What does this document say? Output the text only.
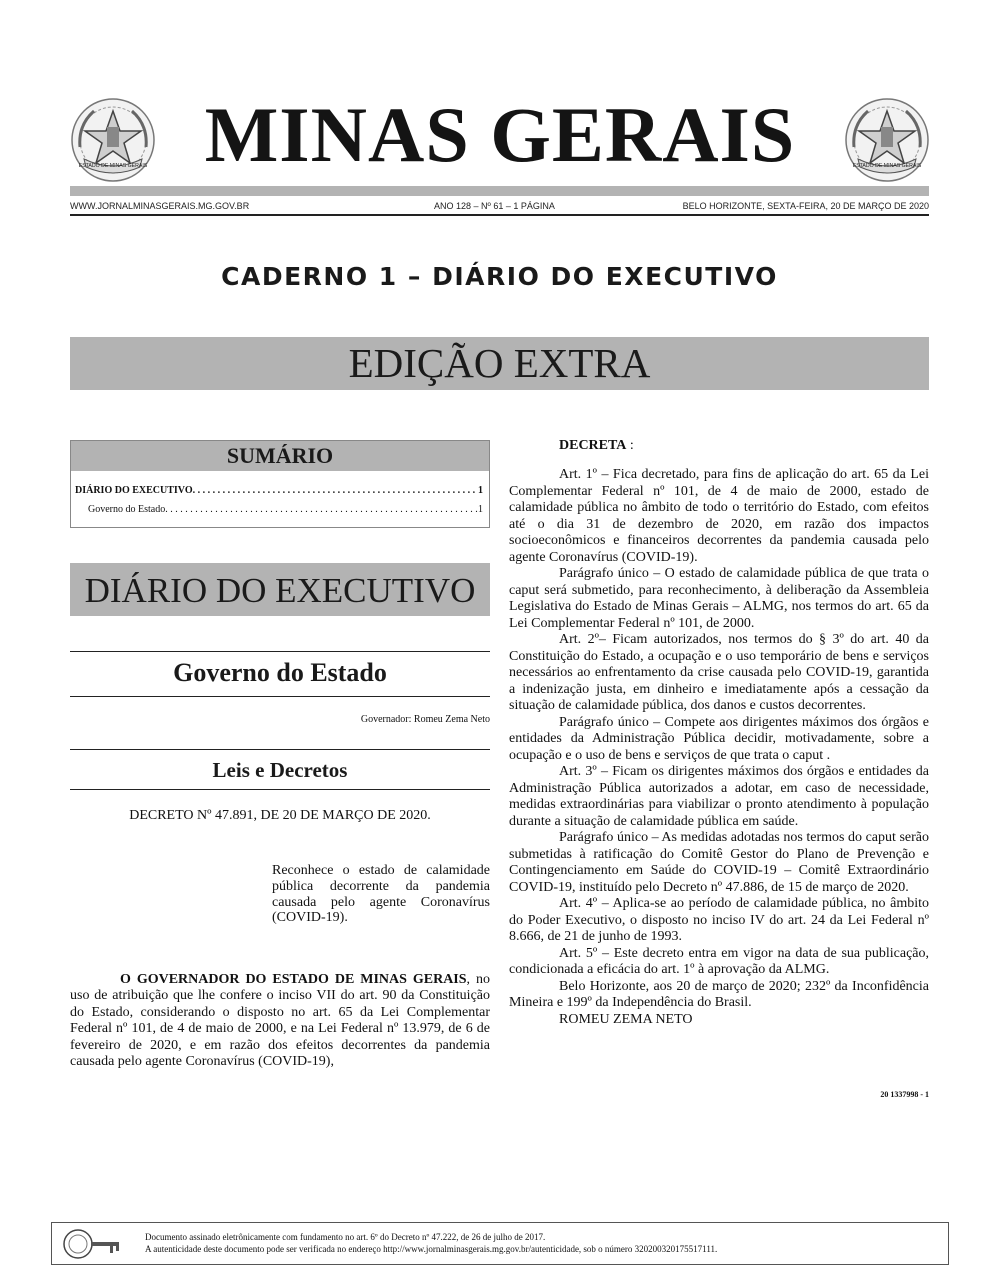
ESTADO DE MINAS GERAIS	ESTADO DE MINAS GERAIS
MINAS GERAIS
WWW.JORNALMINASGERAIS.MG.GOV.BR	ANO 128 – Nº 61 – 1 PÁGINA	BELO HORIZONTE, SEXTA-FEIRA, 20 DE MARÇO DE 2020
CADERNO 1 – DIÁRIO DO EXECUTIVO
EDIÇÃO EXTRA
SUMÁRIO
DIÁRIO DO EXECUTIVO . . .	1
Governo do Estado . . .	1
DIÁRIO DO EXECUTIVO
Governo do Estado
Governador: Romeu Zema Neto
Leis e Decretos
DECRETO Nº 47.891, DE 20 DE MARÇO DE 2020.
Reconhece o estado de calamidade pública decorrente da pandemia causada pelo agente Coronavírus (COVID-19).
O GOVERNADOR DO ESTADO DE MINAS GERAIS, no uso de atribuição que lhe confere o inciso VII do art. 90 da Constituição do Estado, considerando o disposto no art. 65 da Lei Complementar Federal nº 101, de 4 de maio de 2000, e na Lei Federal nº 13.979, de 6 de fevereiro de 2020, e em razão dos efeitos decorrentes da pandemia causada pelo agente Coronavírus (COVID-19),
DECRETA :

Art. 1º – Fica decretado, para fins de aplicação do art. 65 da Lei Complementar Federal nº 101, de 4 de maio de 2000, estado de calamidade pública no âmbito de todo o território do Estado, com efeitos até o dia 31 de dezembro de 2020, em razão dos impactos socioeconômicos e financeiros decorrentes da pandemia causada pelo agente Coronavírus (COVID-19).

Parágrafo único – O estado de calamidade pública de que trata o caput será submetido, para reconhecimento, à deliberação da Assembleia Legislativa do Estado de Minas Gerais – ALMG, nos termos do art. 65 da Lei Complementar Federal nº 101, de 2000.

Art. 2º– Ficam autorizados, nos termos do § 3º do art. 40 da Constituição do Estado, a ocupação e o uso temporário de bens e serviços necessários ao enfrentamento da crise causada pelo COVID-19, garantida a indenização justa, em dinheiro e imediatamente após a cessação da situação de calamidade pública, dos danos e custos decorrentes.

Parágrafo único – Compete aos dirigentes máximos dos órgãos e entidades da Administração Pública decidir, motivadamente, sobre a ocupação e o uso de bens e serviços de que trata o caput .

Art. 3º – Ficam os dirigentes máximos dos órgãos e entidades da Administração Pública autorizados a adotar, em caso de necessidade, medidas extraordinárias para viabilizar o pronto atendimento à população durante a situação de calamidade pública em saúde.

Parágrafo único – As medidas adotadas nos termos do caput serão submetidas à ratificação do Comitê Gestor do Plano de Prevenção e Contingenciamento em Saúde do COVID-19 – Comitê Extraordinário COVID-19, instituído pelo Decreto nº 47.886, de 15 de março de 2020.

Art. 4º – Aplica-se ao período de calamidade pública, no âmbito do Poder Executivo, o disposto no inciso IV do art. 24 da Lei Federal nº 8.666, de 21 de junho de 1993.

Art. 5º – Este decreto entra em vigor na data de sua publicação, condicionada a eficácia do art. 1º à aprovação da ALMG.

Belo Horizonte, aos 20 de março de 2020; 232º da Inconfidência Mineira e 199º da Independência do Brasil.

ROMEU ZEMA NETO
20 1337998 - 1
Documento assinado eletrônicamente com fundamento no art. 6º do Decreto nº 47.222, de 26 de julho de 2017.
A autenticidade deste documento pode ser verificada no endereço http://www.jornalminasgerais.mg.gov.br/autenticidade, sob o número 320200320175517111.
